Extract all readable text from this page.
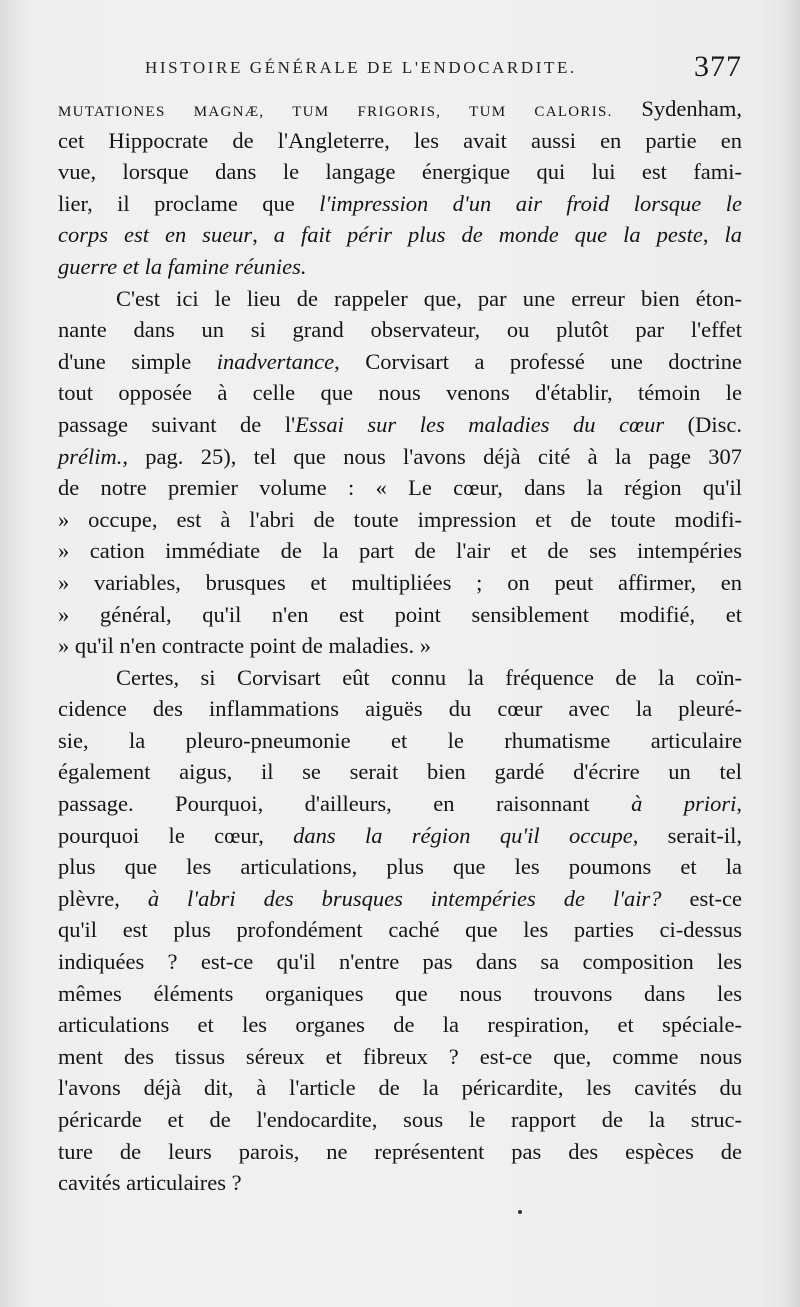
HISTOIRE GÉNÉRALE DE L'ENDOCARDITE.	377
MUTATIONES MAGNÆ, TUM FRIGORIS, TUM CALORIS. Sydenham,
cet Hippocrate de l'Angleterre, les avait aussi en partie en
vue, lorsque dans le langage énergique qui lui est fami-
lier, il proclame que l'impression d'un air froid lorsque le
corps est en sueur, a fait périr plus de monde que la peste, la
guerre et la famine réunies.
C'est ici le lieu de rappeler que, par une erreur bien éton-
nante dans un si grand observateur, ou plutôt par l'effet
d'une simple inadvertance, Corvisart a professé une doctrine
tout opposée à celle que nous venons d'établir, témoin le
passage suivant de l'Essai sur les maladies du cœur (Disc.
prélim., pag. 25), tel que nous l'avons déjà cité à la page 307
de notre premier volume : « Le cœur, dans la région qu'il
» occupe, est à l'abri de toute impression et de toute modifi-
» cation immédiate de la part de l'air et de ses intempéries
» variables, brusques et multipliées ; on peut affirmer, en
» général, qu'il n'en est point sensiblement modifié, et
» qu'il n'en contracte point de maladies. »
Certes, si Corvisart eût connu la fréquence de la coïn-
cidence des inflammations aiguës du cœur avec la pleuré-
sie, la pleuro-pneumonie et le rhumatisme articulaire
également aigus, il se serait bien gardé d'écrire un tel
passage. Pourquoi, d'ailleurs, en raisonnant à priori,
pourquoi le cœur, dans la région qu'il occupe, serait-il,
plus que les articulations, plus que les poumons et la
plèvre, à l'abri des brusques intempéries de l'air? est-ce
qu'il est plus profondément caché que les parties ci-dessus
indiquées ? est-ce qu'il n'entre pas dans sa composition les
mêmes éléments organiques que nous trouvons dans les
articulations et les organes de la respiration, et spéciale-
ment des tissus séreux et fibreux ? est-ce que, comme nous
l'avons déjà dit, à l'article de la péricardite, les cavités du
péricarde et de l'endocardite, sous le rapport de la struc-
ture de leurs parois, ne représentent pas des espèces de
cavités articulaires ?
